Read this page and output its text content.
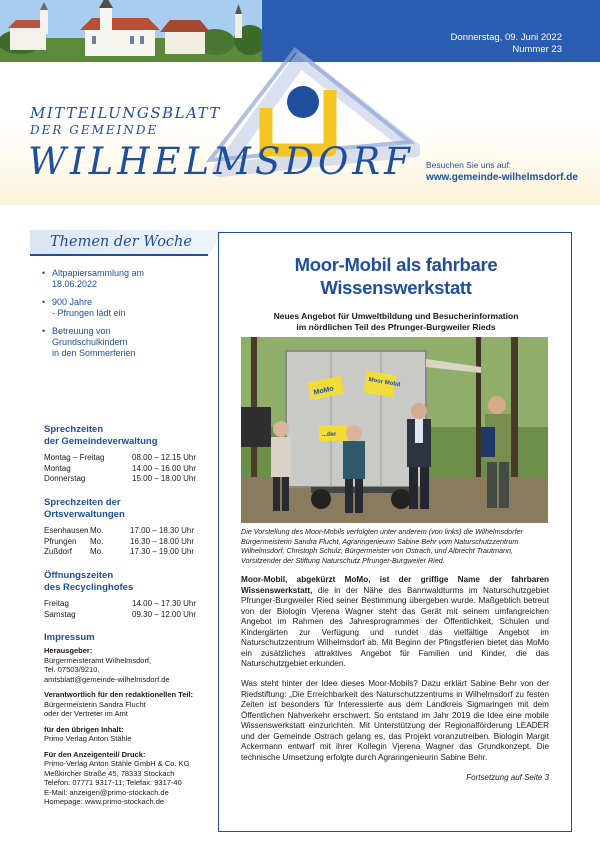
Donnerstag, 09. Juni 2022
Nummer 23
MITTEILUNGSBLATT
DER GEMEINDE
WILHELMSDORF Besuchen Sie uns auf:
www.gemeinde-wilhelmsdorf.de
Themen der Woche
• Altpapiersammlung am
18.06.2022
• 900 Jahre
- Pfrungen lädt ein
• Betreuung von
Grundschulkindern
in den Sommerferien
Sprechzeiten
der Gemeindeverwaltung
Montag – Freitag	08.00 – 12.15 Uhr
Montag	14.00 – 16.00 Uhr
Donnerstag	15.00 – 18.00 Uhr
Sprechzeiten der
Ortsverwaltungen
Esenhausen Mo.	17.00 – 18.30 Uhr
Pfrungen	Mo.	16.30 – 18.00 Uhr
Zußdorf	Mo.	17.30 – 19.00 Uhr
Öffnungszeiten
des Recyclinghofes
Freitag	14.00 – 17.30 Uhr
Samstag	09.30 – 12.00 Uhr
Impressum
Herausgeber:
Bürgermeisteramt Wilhelmsdorf,
Tel. 07503/9210,
amtsblatt@gemeinde-wilhelmsdorf.de
Verantwortlich für den redaktionellen Teil:
Bürgermeisterin Sandra Flucht
oder der Vertreter im Amt
für den übrigen Inhalt:
Primo Verlag Anton Stähle
Für den Anzeigenteil/ Druck:
Primo-Verlag Anton Stähle GmbH & Co. KG
Meßkircher Straße 45, 78333 Stockach
Telefon: 07771 9317-11; Telefax: 9317-40
E-Mail: anzeigen@primo-stockach.de
Homepage: www.primo-stockach.de
Moor-Mobil als fahrbare
Wissenswerkstatt
Neues Angebot für Umweltbildung und Besucherinformation
im nördlichen Teil des Pfrunger-Burgweiler Rieds
MoMo
Moor Mobil
...der
Die Vorstellung des Moor-Mobils verfolgten unter anderem (von links) die Wilhelmsdorfer Bürgermeisterin Sandra Flucht, Agraringenieurin Sabine Behr vom Naturschutzzentrum Wilhelmsdorf, Christoph Schulz, Bürgermeister von Ostrach, und Albrecht Trautmann, Vorsitzender der Stiftung Naturschutz Pfrunger-Burgweiler Ried.
Moor-Mobil, abgekürzt MoMo, ist der griffige Name der fahrbaren Wissenswerkstatt, die in der Nähe des Bannwaldturms im Naturschutzgebiet Pfrunger-Burgweiler Ried seiner Bestimmung übergeben wurde. Maßgeblich betreut von der Biologin Vjerena Wagner steht das Gerät mit seinem umfangreichen Angebot im Rahmen des Jahresprogrammes der Öffentlichkeit, Schulen und Kindergärten zur Verfügung und rundet das vielfältige Angebot im Naturschutzzentrum Wilhelmsdorf ab. Mit Beginn der Pfingstferien bietet das MoMo ein zusätzliches attraktives Angebot für Familien und Kinder, die das Naturschutzgebiet erkunden.
Was steht hinter der Idee dieses Moor-Mobils? Dazu erklärt Sabine Behr von der Riedstiftung: „Die Erreichbarkeit des Naturschutzzentrums in Wilhelmsdorf zu festen Zeiten ist besonders für Interessierte aus dem Landkreis Sigmaringen mit dem Öffentlichen Nahverkehr erschwert. So entstand im Jahr 2019 die Idee eine mobile Wissenswerkstatt einzurichten. Mit Unterstützung der Regionalförderung LEADER und der Gemeinde Ostrach gelang es, das Projekt voranzutreiben. Biologin Margit Ackermann entwarf mit ihrer Kollegin Vjerena Wagner das Grundkonzept. Die technische Umsetzung erfolgte durch Agraringenieurin Sabine Behr.
Fortsetzung auf Seite 3
